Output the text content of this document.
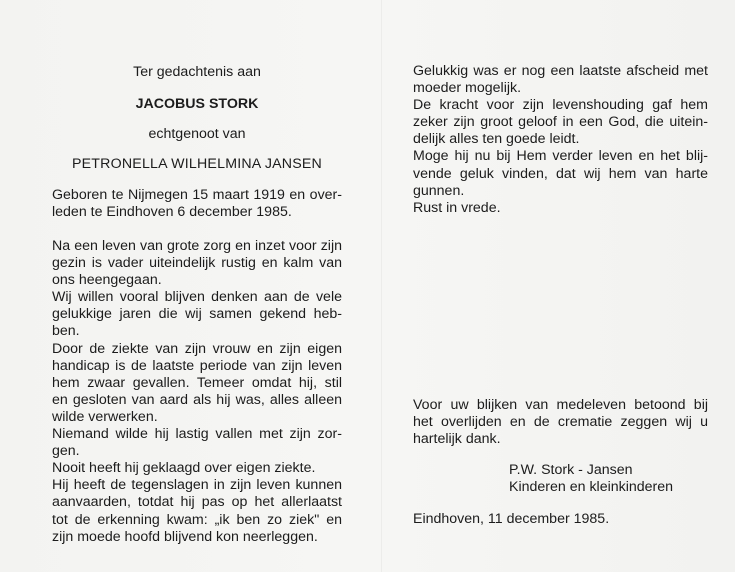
Ter gedachtenis aan
JACOBUS STORK
echtgenoot van
PETRONELLA WILHELMINA JANSEN
Geboren te Nijmegen 15 maart 1919 en over-
leden te Eindhoven 6 december 1985.
Na een leven van grote zorg en inzet voor zijn
gezin is vader uiteindelijk rustig en kalm van
ons heengegaan.
Wij willen vooral blijven denken aan de vele
gelukkige jaren die wij samen gekend heb-
ben.
Door de ziekte van zijn vrouw en zijn eigen
handicap is de laatste periode van zijn leven
hem zwaar gevallen. Temeer omdat hij, stil
en gesloten van aard als hij was, alles alleen
wilde verwerken.
Niemand wilde hij lastig vallen met zijn zor-
gen.
Nooit heeft hij geklaagd over eigen ziekte.
Hij heeft de tegenslagen in zijn leven kunnen
aanvaarden, totdat hij pas op het allerlaatst
tot de erkenning kwam: „ik ben zo ziek" en
zijn moede hoofd blijvend kon neerleggen.
Gelukkig was er nog een laatste afscheid met
moeder mogelijk.
De kracht voor zijn levenshouding gaf hem
zeker zijn groot geloof in een God, die uitein-
delijk alles ten goede leidt.
Moge hij nu bij Hem verder leven en het blij-
vende geluk vinden, dat wij hem van harte
gunnen.
Rust in vrede.
Voor uw blijken van medeleven betoond bij
het overlijden en de crematie zeggen wij u
hartelijk dank.
P.W. Stork - Jansen
Kinderen en kleinkinderen
Eindhoven, 11 december 1985.
